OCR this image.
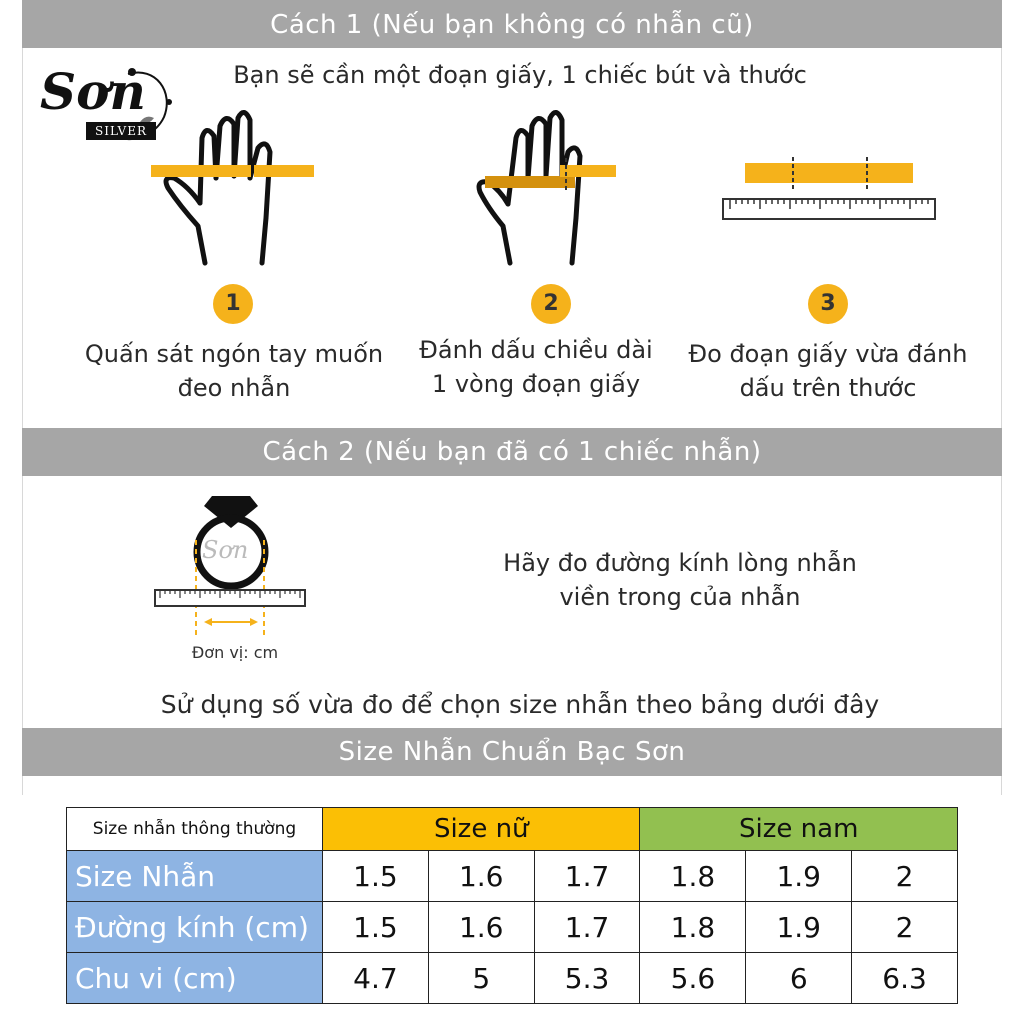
Cách 1 (Nếu bạn không có nhẫn cũ)
Sơn
SILVER
Bạn sẽ cần một đoạn giấy, 1 chiếc bút và thước
1	2	3
Quấn sát ngón tay muốn
đeo nhẫn
Đánh dấu chiều dài
1 vòng đoạn giấy
Đo đoạn giấy vừa đánh
dấu trên thước
Cách 2 (Nếu bạn đã có 1 chiếc nhẫn)
Sơn
Đơn vị: cm
Hãy đo đường kính lòng nhẫn
viền trong của nhẫn
Sử dụng số vừa đo để chọn size nhẫn theo bảng dưới đây
Size Nhẫn Chuẩn Bạc Sơn
Size nhẫn thông thường	Size nữ			Size nam		
Size Nhẫn	1.5	1.6	1.7	1.8	1.9	2
Đường kính (cm)	1.5	1.6	1.7	1.8	1.9	2
Chu vi (cm)	4.7	5	5.3	5.6	6	6.3
